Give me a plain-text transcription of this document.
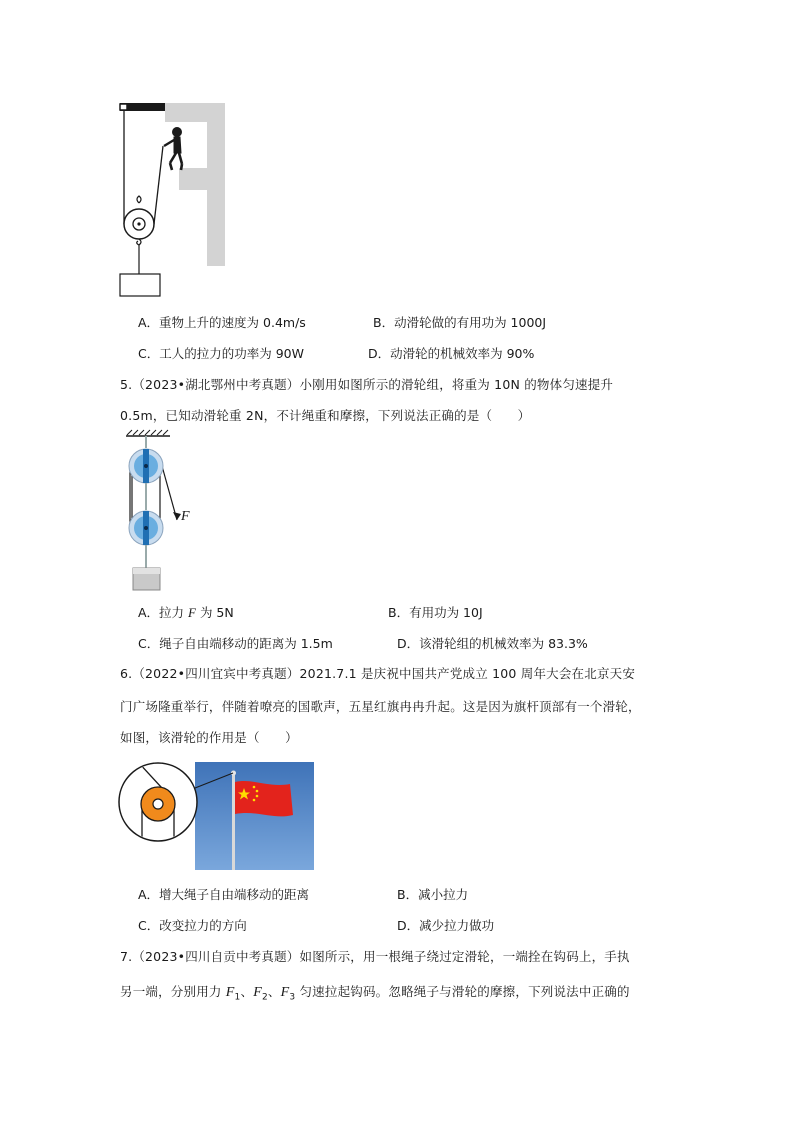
A．重物上升的速度为 0.4m/s	B．动滑轮做的有用功为 1000J
C．工人的拉力的功率为 90W	D．动滑轮的机械效率为 90%
5.（2023•湖北鄂州中考真题）小刚用如图所示的滑轮组，将重为 10N 的物体匀速提升
0.5m，已知动滑轮重 2N，不计绳重和摩擦，下列说法正确的是（　　）
F
A．拉力 F 为 5N	B．有用功为 10J
C．绳子自由端移动的距离为 1.5m	D．该滑轮组的机械效率为 83.3%
6.（2022•四川宜宾中考真题）2021.7.1 是庆祝中国共产党成立 100 周年大会在北京天安
门广场隆重举行，伴随着嘹亮的国歌声，五星红旗冉冉升起。这是因为旗杆顶部有一个滑轮，
如图，该滑轮的作用是（　　）
A．增大绳子自由端移动的距离	B．减小拉力
C．改变拉力的方向	D．减少拉力做功
7.（2023•四川自贡中考真题）如图所示，用一根绳子绕过定滑轮，一端拴在钩码上，手执
另一端，分别用力 $F_1$、$F_2$、$F_3$ 匀速拉起钩码。忽略绳子与滑轮的摩擦，下列说法中正确的
